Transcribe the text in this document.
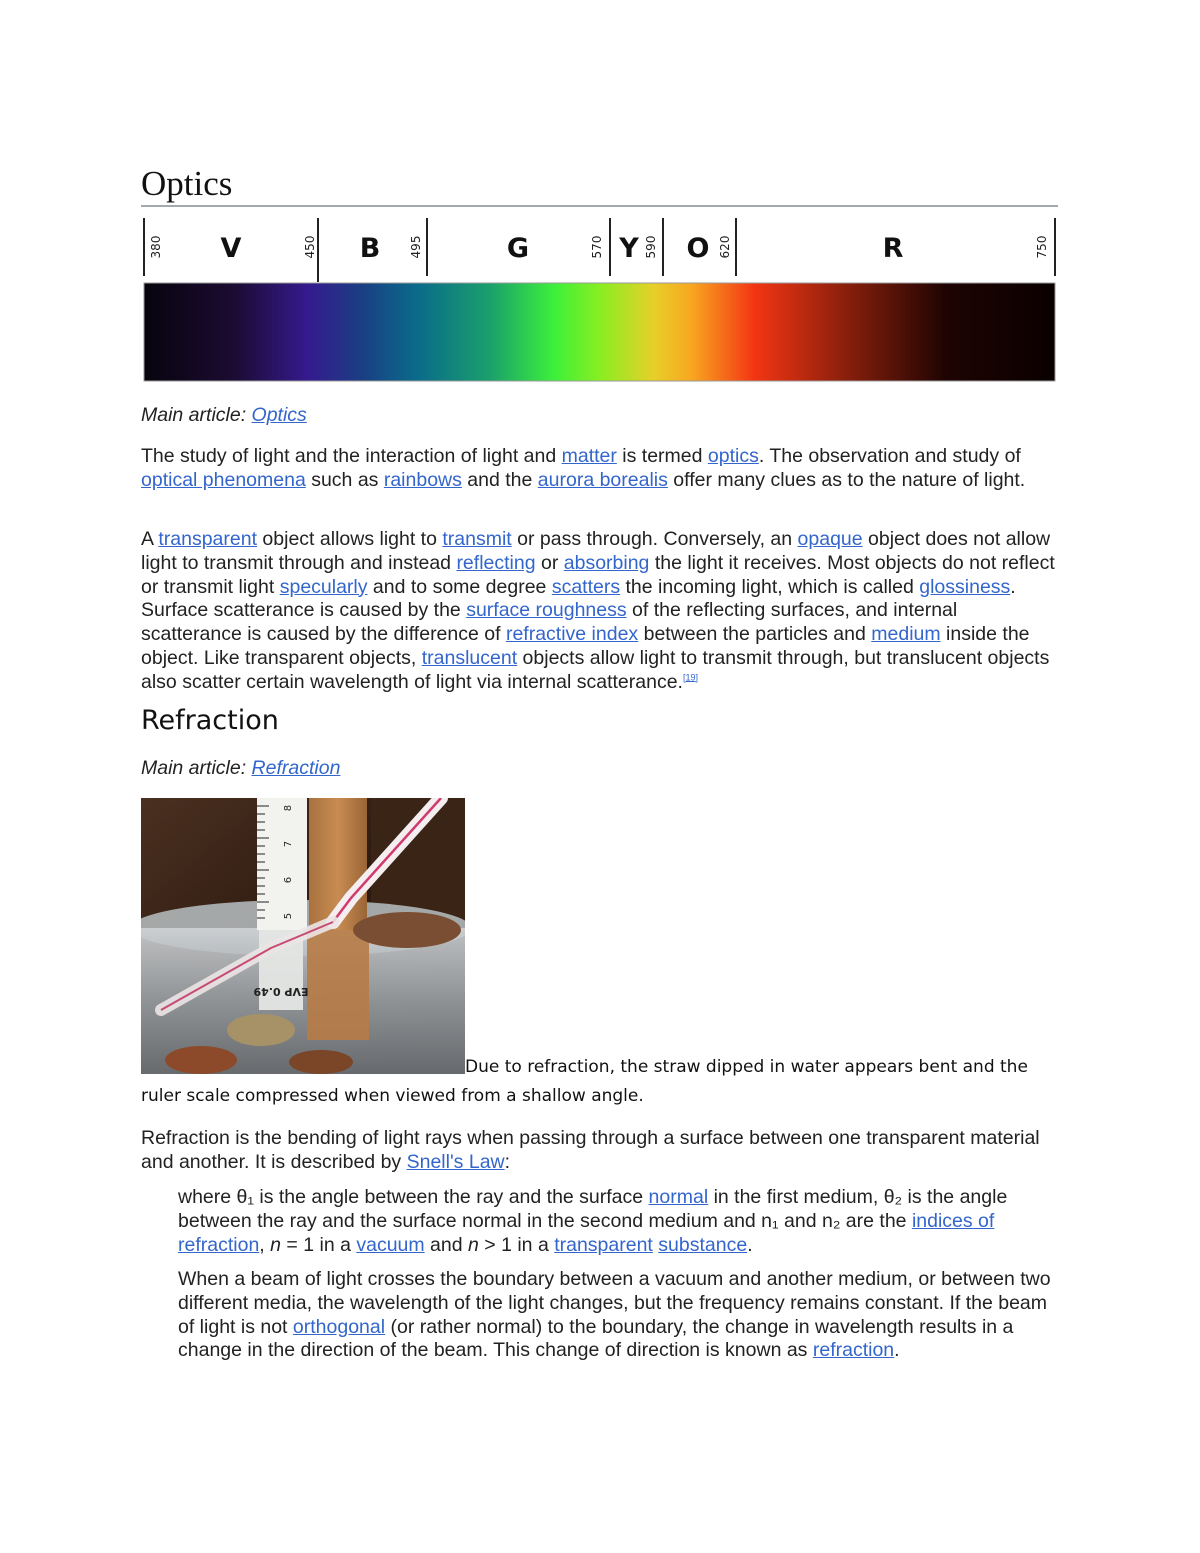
Optics
380	450	495	570	590	620	750
V	B	G	Y O	R

Main article: Optics

The study of light and the interaction of light and matter is termed optics. The observation and study of optical phenomena such as rainbows and the aurora borealis offer many clues as to the nature of light.

A transparent object allows light to transmit or pass through. Conversely, an opaque object does not allow light to transmit through and instead reflecting or absorbing the light it receives. Most objects do not reflect or transmit light specularly and to some degree scatters the incoming light, which is called glossiness. Surface scatterance is caused by the surface roughness of the reflecting surfaces, and internal scatterance is caused by the difference of refractive index between the particles and medium inside the object. Like transparent objects, translucent objects allow light to transmit through, but translucent objects also scatter certain wavelength of light via internal scatterance.[19]

Refraction

Main article: Refraction

8
7
6
5
EVP 0.49

Due to refraction, the straw dipped in water appears bent and the

ruler scale compressed when viewed from a shallow angle.

Refraction is the bending of light rays when passing through a surface between one transparent material and another. It is described by Snell's Law:

where θ₁ is the angle between the ray and the surface normal in the first medium, θ₂ is the angle between the ray and the surface normal in the second medium and n₁ and n₂ are the indices of refraction, n = 1 in a vacuum and n > 1 in a transparent substance.

When a beam of light crosses the boundary between a vacuum and another medium, or between two different media, the wavelength of the light changes, but the frequency remains constant. If the beam of light is not orthogonal (or rather normal) to the boundary, the change in wavelength results in a change in the direction of the beam. This change of direction is known as refraction.
